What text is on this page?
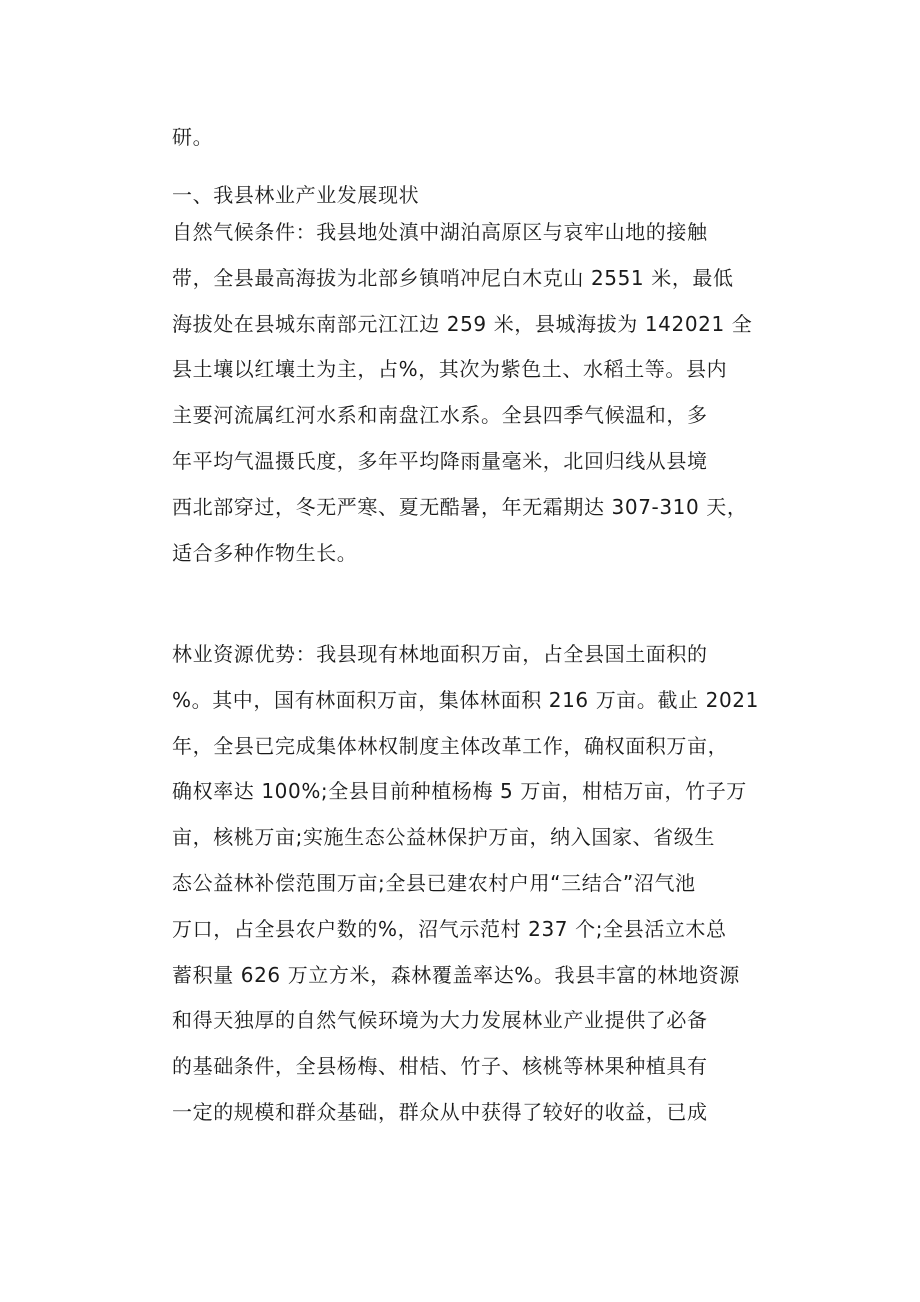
研。
一、我县林业产业发展现状
自然气候条件：我县地处滇中湖泊高原区与哀牢山地的接触
带，全县最高海拔为北部乡镇哨冲尼白木克山 2551 米，最低
海拔处在县城东南部元江江边 259 米，县城海拔为 142021 全
县土壤以红壤土为主，占%，其次为紫色土、水稻土等。县内
主要河流属红河水系和南盘江水系。全县四季气候温和，多
年平均气温摄氏度，多年平均降雨量毫米，北回归线从县境
西北部穿过，冬无严寒、夏无酷暑，年无霜期达 307-310 天，
适合多种作物生长。
林业资源优势：我县现有林地面积万亩，占全县国土面积的
%。其中，国有林面积万亩，集体林面积 216 万亩。截止 2021
年，全县已完成集体林权制度主体改革工作，确权面积万亩，
确权率达 100%;全县目前种植杨梅 5 万亩，柑桔万亩，竹子万
亩，核桃万亩;实施生态公益林保护万亩，纳入国家、省级生
态公益林补偿范围万亩;全县已建农村户用“三结合”沼气池
万口，占全县农户数的%，沼气示范村 237 个;全县活立木总
蓄积量 626 万立方米，森林覆盖率达%。我县丰富的林地资源
和得天独厚的自然气候环境为大力发展林业产业提供了必备
的基础条件，全县杨梅、柑桔、竹子、核桃等林果种植具有
一定的规模和群众基础，群众从中获得了较好的收益，已成
